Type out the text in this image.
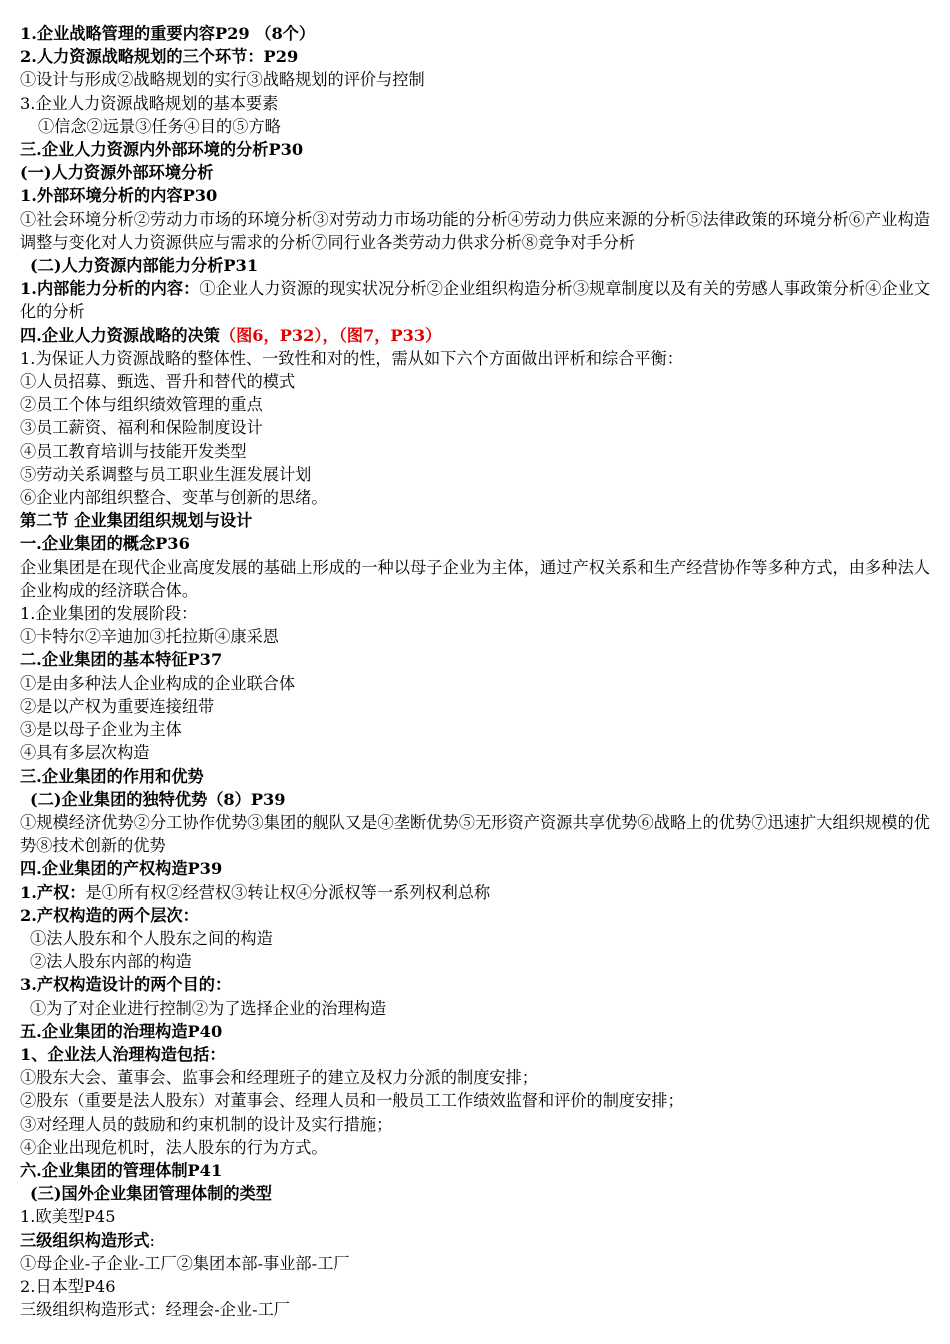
1.企业战略管理的重要内容P29 （8个）
2.人力资源战略规划的三个环节：P29
①设计与形成②战略规划的实行③战略规划的评价与控制
3.企业人力资源战略规划的基本要素
①信念②远景③任务④目的⑤方略
三.企业人力资源内外部环境的分析P30
(一)人力资源外部环境分析
1.外部环境分析的内容P30
①社会环境分析②劳动力市场的环境分析③对劳动力市场功能的分析④劳动力供应来源的分析⑤法律政策的环境分析⑥产业构造调整与变化对人力资源供应与需求的分析⑦同行业各类劳动力供求分析⑧竞争对手分析
(二)人力资源内部能力分析P31
1.内部能力分析的内容：①企业人力资源的现实状况分析②企业组织构造分析③规章制度以及有关的劳感人事政策分析④企业文化的分析
四.企业人力资源战略的决策（图6，P32），（图7，P33）
1.为保证人力资源战略的整体性、一致性和对的性，需从如下六个方面做出评析和综合平衡：
①人员招募、甄选、晋升和替代的模式
②员工个体与组织绩效管理的重点
③员工薪资、福利和保险制度设计
④员工教育培训与技能开发类型
⑤劳动关系调整与员工职业生涯发展计划
⑥企业内部组织整合、变革与创新的思绪。
第二节 企业集团组织规划与设计
一.企业集团的概念P36
企业集团是在现代企业高度发展的基础上形成的一种以母子企业为主体，通过产权关系和生产经营协作等多种方式，由多种法人企业构成的经济联合体。
1.企业集团的发展阶段：
①卡特尔②辛迪加③托拉斯④康采恩
二.企业集团的基本特征P37
①是由多种法人企业构成的企业联合体
②是以产权为重要连接纽带
③是以母子企业为主体
④具有多层次构造
三.企业集团的作用和优势
(二)企业集团的独特优势（8）P39
①规模经济优势②分工协作优势③集团的舰队又是④垄断优势⑤无形资产资源共享优势⑥战略上的优势⑦迅速扩大组织规模的优势⑧技术创新的优势
四.企业集团的产权构造P39
1.产权：是①所有权②经营权③转让权④分派权等一系列权利总称
2.产权构造的两个层次：
①法人股东和个人股东之间的构造
②法人股东内部的构造
3.产权构造设计的两个目的：
①为了对企业进行控制②为了选择企业的治理构造
五.企业集团的治理构造P40
1、企业法人治理构造包括：
①股东大会、董事会、监事会和经理班子的建立及权力分派的制度安排；
②股东（重要是法人股东）对董事会、经理人员和一般员工工作绩效监督和评价的制度安排；
③对经理人员的鼓励和约束机制的设计及实行措施；
④企业出现危机时，法人股东的行为方式。
六.企业集团的管理体制P41
(三)国外企业集团管理体制的类型
1.欧美型P45
三级组织构造形式:
①母企业-子企业-工厂②集团本部-事业部-工厂
2.日本型P46
三级组织构造形式：经理会-企业-工厂
